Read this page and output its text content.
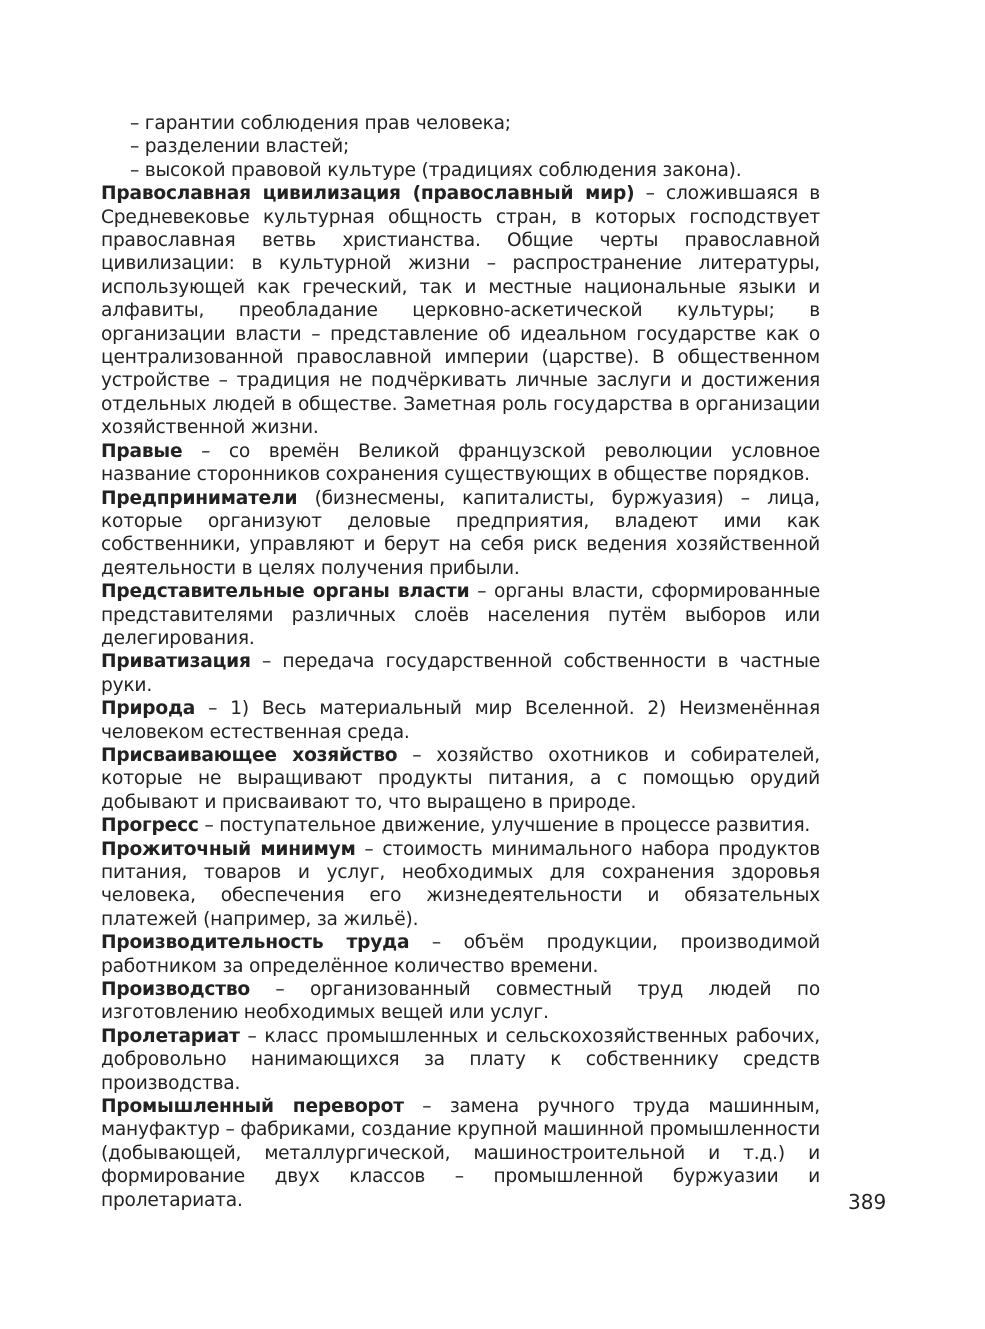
– гарантии соблюдения прав человека;
– разделении властей;
– высокой правовой культуре (традициях соблюдения закона).

Православная цивилизация (православный мир) – сложившаяся в Средневековье культурная общность стран, в которых господствует православная ветвь христианства. Общие черты православной цивилизации: в культурной жизни – распространение литературы, использующей как греческий, так и местные национальные языки и алфавиты, преобладание церковно-аскетической культуры; в организации власти – представление об идеальном государстве как о централизованной православной империи (царстве). В общественном устройстве – традиция не подчёркивать личные заслуги и достижения отдельных людей в обществе. Заметная роль государства в организации хозяйственной жизни.

Правые – со времён Великой французской революции условное название сторонников сохранения существующих в обществе порядков.

Предприниматели (бизнесмены, капиталисты, буржуазия) – лица, которые организуют деловые предприятия, владеют ими как собственники, управляют и берут на себя риск ведения хозяйственной деятельности в целях получения прибыли.

Представительные органы власти – органы власти, сформированные представителями различных слоёв населения путём выборов или делегирования.

Приватизация – передача государственной собственности в частные руки.

Природа – 1) Весь материальный мир Вселенной. 2) Неизменённая человеком естественная среда.

Присваивающее хозяйство – хозяйство охотников и собирателей, которые не выращивают продукты питания, а с помощью орудий добывают и присваивают то, что выращено в природе.

Прогресс – поступательное движение, улучшение в процессе развития.

Прожиточный минимум – стоимость минимального набора продуктов питания, товаров и услуг, необходимых для сохранения здоровья человека, обеспечения его жизнедеятельности и обязательных платежей (например, за жильё).

Производительность труда – объём продукции, производимой работником за определённое количество времени.

Производство – организованный совместный труд людей по изготовлению необходимых вещей или услуг.

Пролетариат – класс промышленных и сельскохозяйственных рабочих, добровольно нанимающихся за плату к собственнику средств производства.

Промышленный переворот – замена ручного труда машинным, мануфактур – фабриками, создание крупной машинной промышленности (добывающей, металлургической, машиностроительной и т.д.) и формирование двух классов – промышленной буржуазии и пролетариата.	389
